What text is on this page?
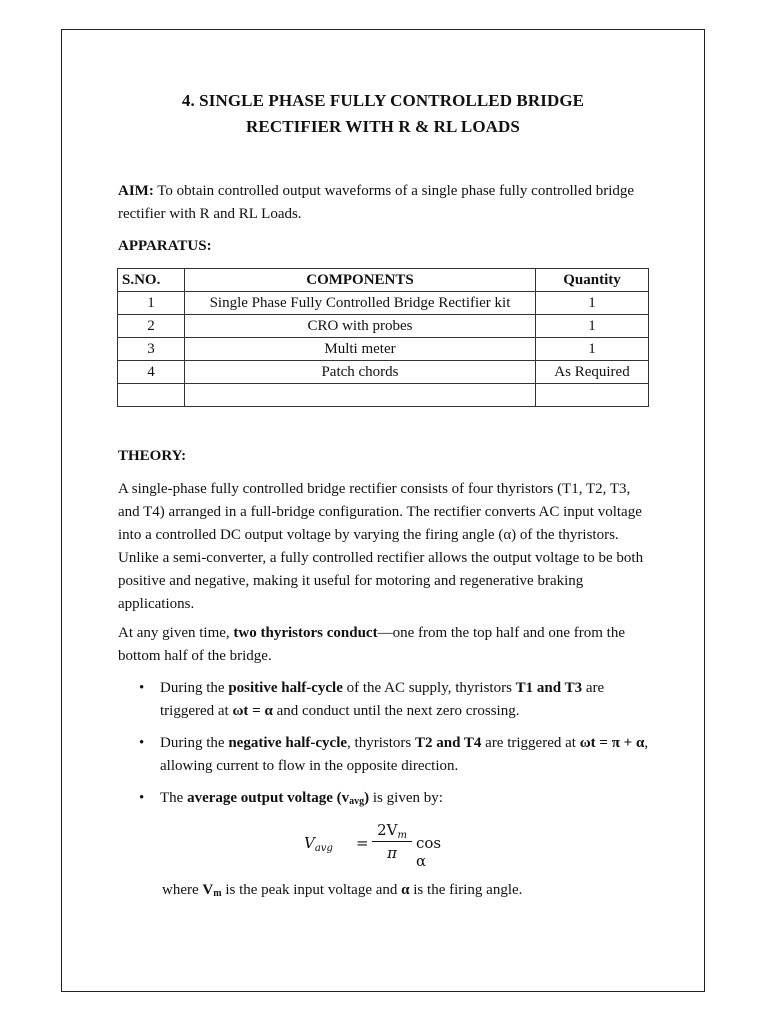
4. SINGLE PHASE FULLY CONTROLLED BRIDGE
RECTIFIER WITH R & RL LOADS
AIM: To obtain controlled output waveforms of a single phase fully controlled bridge rectifier with R and RL Loads.
APPARATUS:
S.NO.	COMPONENTS	Quantity
1	Single Phase Fully Controlled Bridge Rectifier kit	1
2	CRO with probes	1
3	Multi meter	1
4	Patch chords	As Required

THEORY:
A single-phase fully controlled bridge rectifier consists of four thyristors (T1, T2, T3, and T4) arranged in a full-bridge configuration. The rectifier converts AC input voltage into a controlled DC output voltage by varying the firing angle (α) of the thyristors. Unlike a semi-converter, a fully controlled rectifier allows the output voltage to be both positive and negative, making it useful for motoring and regenerative braking applications.
At any given time, two thyristors conduct—one from the top half and one from the bottom half of the bridge.
• During the positive half-cycle of the AC supply, thyristors T1 and T3 are triggered at ωt = α and conduct until the next zero crossing.
• During the negative half-cycle, thyristors T2 and T4 are triggered at ωt = π + α, allowing current to flow in the opposite direction.
• The average output voltage (vavg) is given by:
$V_{avg}$ =
$2V_m$
π
cos α
where Vm is the peak input voltage and α is the firing angle.
